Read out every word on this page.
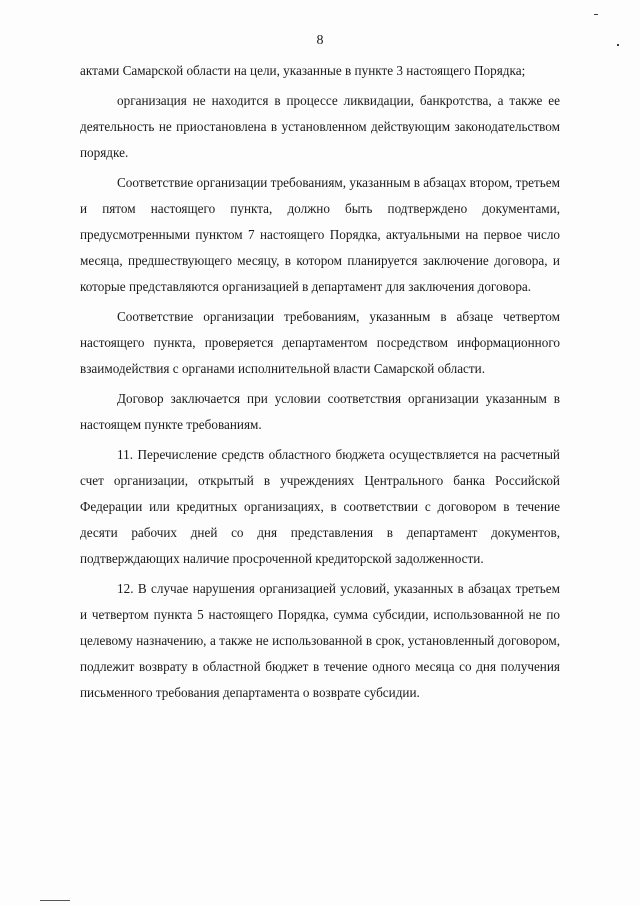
8

актами Самарской области на цели, указанные в пункте 3 настоящего Порядка;

организация не находится в процессе ликвидации, банкротства, а также ее деятельность не приостановлена в установленном действующим законодательством порядке.

Соответствие организации требованиям, указанным в абзацах втором, третьем и пятом настоящего пункта, должно быть подтверждено документами, предусмотренными пунктом 7 настоящего Порядка, актуальными на первое число месяца, предшествующего месяцу, в котором планируется заключение договора, и которые представляются организацией в департамент для заключения договора.

Соответствие организации требованиям, указанным в абзаце четвертом настоящего пункта, проверяется департаментом посредством информационного взаимодействия с органами исполнительной власти Самарской области.

Договор заключается при условии соответствия организации указанным в настоящем пункте требованиям.

11. Перечисление средств областного бюджета осуществляется на расчетный счет организации, открытый в учреждениях Центрального банка Российской Федерации или кредитных организациях, в соответствии с договором в течение десяти рабочих дней со дня представления в департамент документов, подтверждающих наличие просроченной кредиторской задолженности.

12. В случае нарушения организацией условий, указанных в абзацах третьем и четвертом пункта 5 настоящего Порядка, сумма субсидии, использованной не по целевому назначению, а также не использованной в срок, установленный договором, подлежит возврату в областной бюджет в течение одного месяца со дня получения письменного требования департамента о возврате субсидии.
